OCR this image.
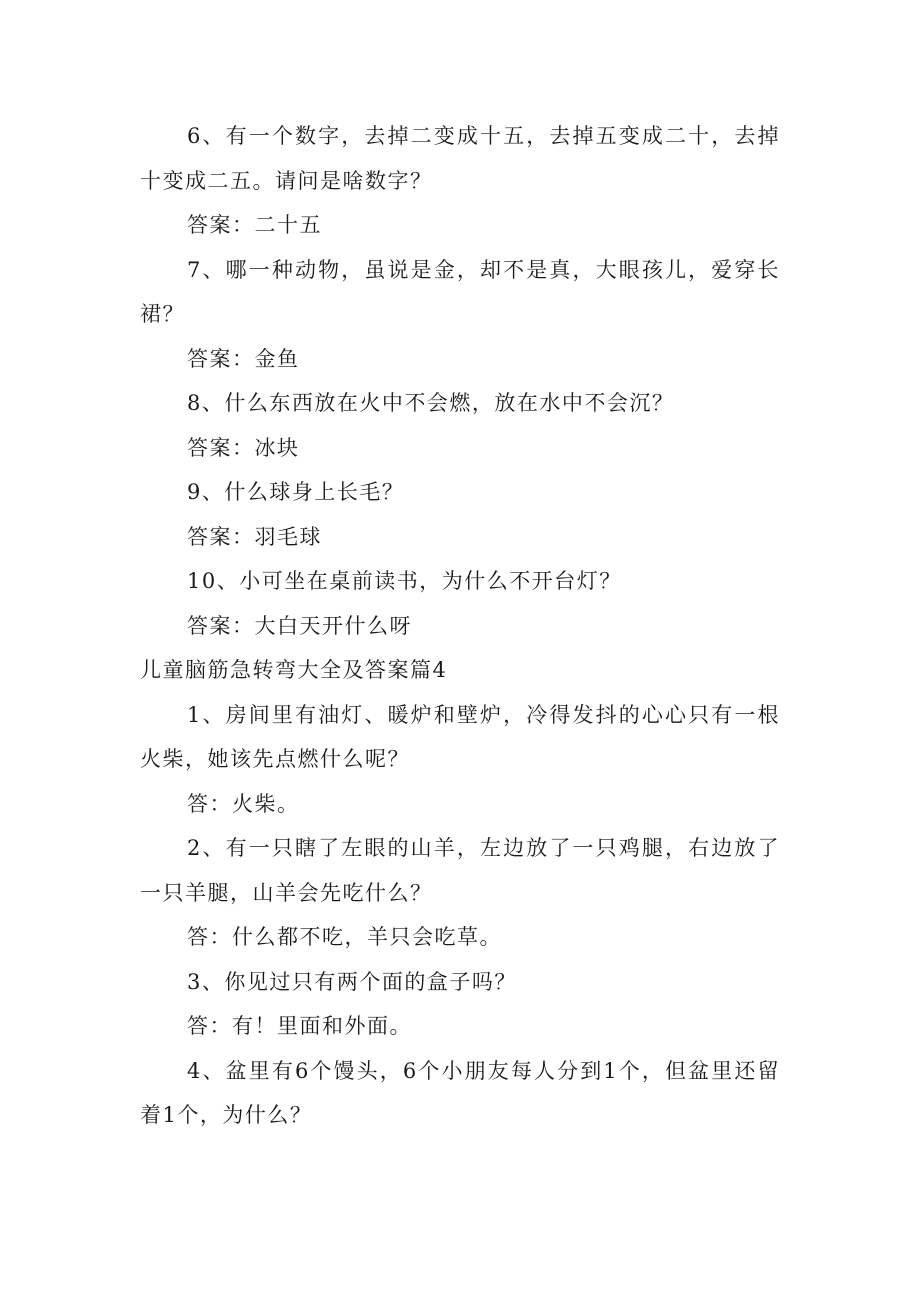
6、有一个数字，去掉二变成十五，去掉五变成二十，去掉十变成二五。请问是啥数字？

答案：二十五

7、哪一种动物，虽说是金，却不是真，大眼孩儿，爱穿长裙？

答案：金鱼

8、什么东西放在火中不会燃，放在水中不会沉？

答案：冰块

9、什么球身上长毛？

答案：羽毛球

10、小可坐在桌前读书，为什么不开台灯？

答案：大白天开什么呀

儿童脑筋急转弯大全及答案篇4

1、房间里有油灯、暖炉和壁炉，冷得发抖的心心只有一根火柴，她该先点燃什么呢？

答：火柴。

2、有一只瞎了左眼的山羊，左边放了一只鸡腿，右边放了一只羊腿，山羊会先吃什么？

答：什么都不吃，羊只会吃草。

3、你见过只有两个面的盒子吗？

答：有！里面和外面。

4、盆里有6个馒头，6个小朋友每人分到1个，但盆里还留着1个，为什么？
